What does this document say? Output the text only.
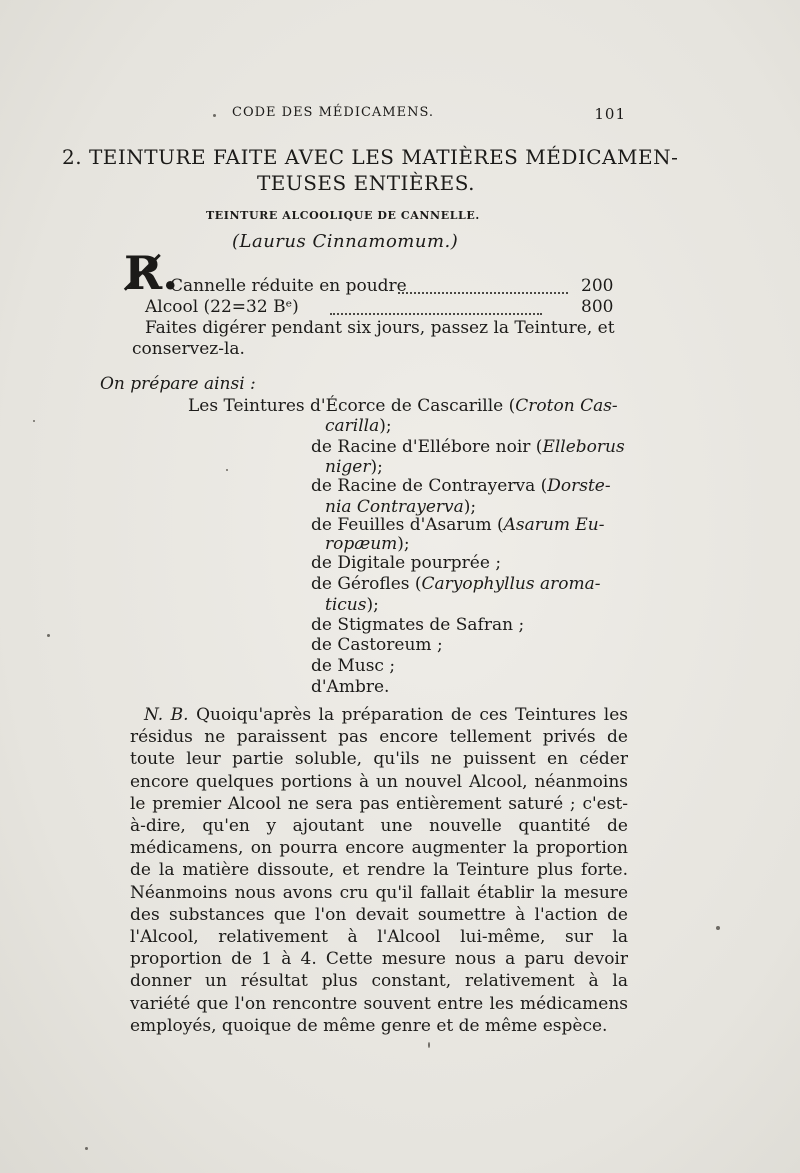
CODE DES MÉDICAMENS.	101
2. TEINTURE FAITE AVEC LES MATIÈRES MÉDICAMEN-
TEUSES ENTIÈRES.
TEINTURE ALCOOLIQUE DE CANNELLE.
(Laurus Cinnamomum.)
R̸.
Cannelle réduite en poudre	200
Alcool (22=32 Bᵉ)	800
Faites digérer pendant six jours, passez la Teinture, et
conservez-la.
On prépare ainsi :
Les Teintures d'Écorce de Cascarille (Croton Cas-
carilla);
de Racine d'Ellébore noir (Elleborus
niger);
de Racine de Contrayerva (Dorste-
nia Contrayerva);
de Feuilles d'Asarum (Asarum Eu-
ropæum);
de Digitale pourprée ;
de Gérofles (Caryophyllus aroma-
ticus);
de Stigmates de Safran ;
de Castoreum ;
de Musc ;
d'Ambre.
N. B. Quoiqu'après la préparation de ces Teintures les résidus ne paraissent pas encore tellement privés de toute leur partie soluble, qu'ils ne puissent en céder encore quelques portions à un nouvel Alcool, néanmoins le premier Alcool ne sera pas entièrement saturé ; c'est-à-dire, qu'en y ajoutant une nouvelle quantité de médicamens, on pourra encore augmenter la proportion de la matière dissoute, et rendre la Teinture plus forte. Néanmoins nous avons cru qu'il fallait établir la mesure des substances que l'on devait soumettre à l'action de l'Alcool, relativement à l'Alcool lui-même, sur la proportion de 1 à 4. Cette mesure nous a paru devoir donner un résultat plus constant, relativement à la variété que l'on rencontre souvent entre les médicamens employés, quoique de même genre et de même espèce.
